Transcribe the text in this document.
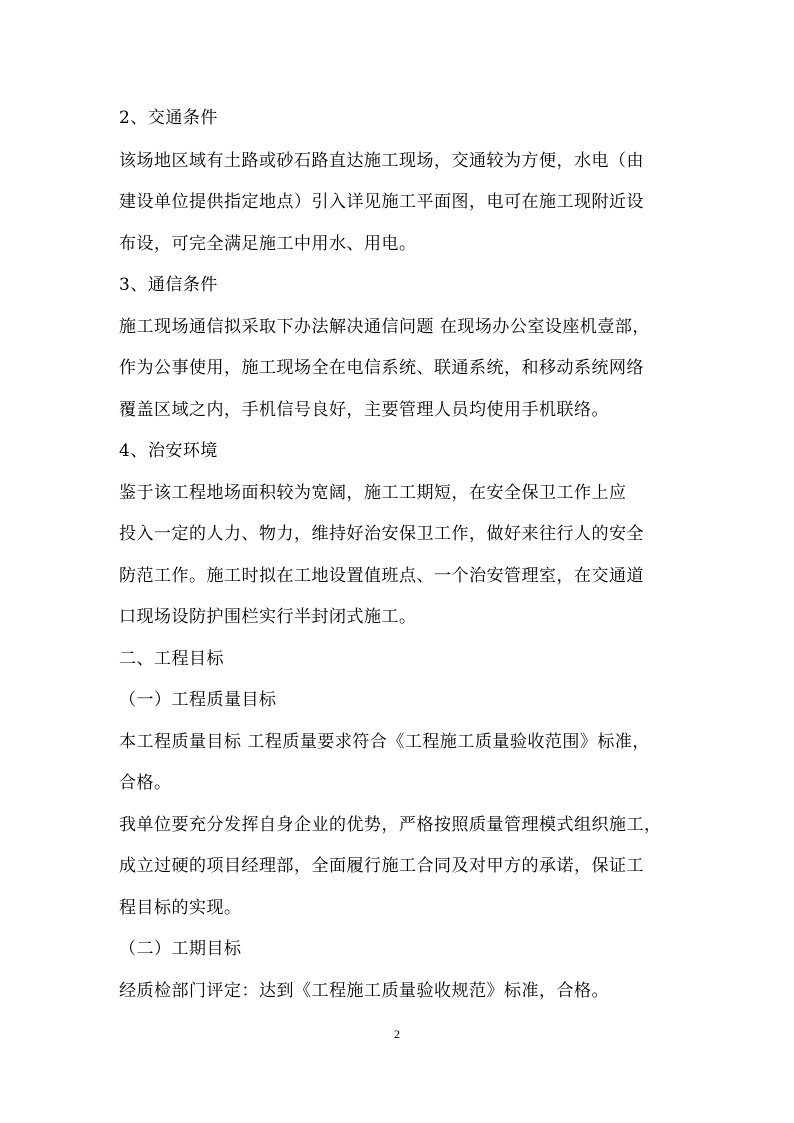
2、交通条件
该场地区域有土路或砂石路直达施工现场，交通较为方便，水电（由
建设单位提供指定地点）引入详见施工平面图，电可在施工现附近设
布设，可完全满足施工中用水、用电。
3、通信条件
施工现场通信拟采取下办法解决通信问题 在现场办公室设座机壹部，
作为公事使用，施工现场全在电信系统、联通系统，和移动系统网络
覆盖区域之内，手机信号良好，主要管理人员均使用手机联络。
4、治安环境
鉴于该工程地场面积较为宽阔，施工工期短，在安全保卫工作上应
投入一定的人力、物力，维持好治安保卫工作，做好来往行人的安全
防范工作。施工时拟在工地设置值班点、一个治安管理室，在交通道
口现场设防护围栏实行半封闭式施工。
二、工程目标
（一）工程质量目标
本工程质量目标 工程质量要求符合《工程施工质量验收范围》标准，
合格。
我单位要充分发挥自身企业的优势，严格按照质量管理模式组织施工，
成立过硬的项目经理部，全面履行施工合同及对甲方的承诺，保证工
程目标的实现。
（二）工期目标
经质检部门评定：达到《工程施工质量验收规范》标准，合格。
2
